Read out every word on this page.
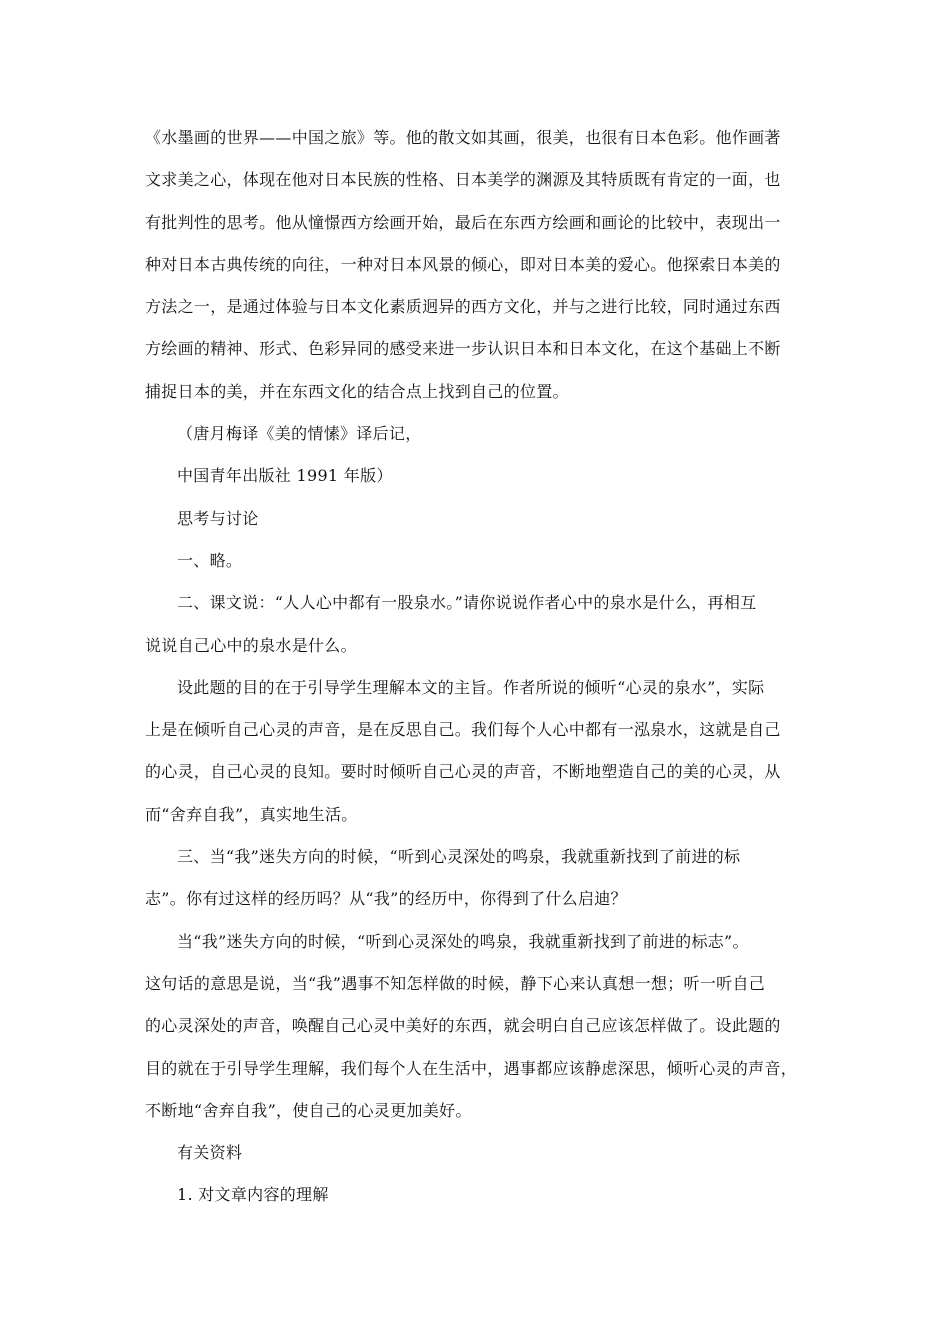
《水墨画的世界——中国之旅》等。他的散文如其画，很美，也很有日本色彩。他作画著
文求美之心，体现在他对日本民族的性格、日本美学的渊源及其特质既有肯定的一面，也
有批判性的思考。他从憧憬西方绘画开始，最后在东西方绘画和画论的比较中，表现出一
种对日本古典传统的向往，一种对日本风景的倾心，即对日本美的爱心。他探索日本美的
方法之一，是通过体验与日本文化素质迥异的西方文化，并与之进行比较，同时通过东西
方绘画的精神、形式、色彩异同的感受来进一步认识日本和日本文化，在这个基础上不断
捕捉日本的美，并在东西文化的结合点上找到自己的位置。
（唐月梅译《美的情愫》译后记，
中国青年出版社 1991 年版）
思考与讨论
一、略。
二、课文说：“人人心中都有一股泉水。”请你说说作者心中的泉水是什么，再相互
说说自己心中的泉水是什么。
设此题的目的在于引导学生理解本文的主旨。作者所说的倾听“心灵的泉水”，实际
上是在倾听自己心灵的声音，是在反思自己。我们每个人心中都有一泓泉水，这就是自己
的心灵，自己心灵的良知。要时时倾听自己心灵的声音，不断地塑造自己的美的心灵，从
而“舍弃自我”，真实地生活。
三、当“我”迷失方向的时候，“听到心灵深处的鸣泉，我就重新找到了前进的标
志”。你有过这样的经历吗？从“我”的经历中，你得到了什么启迪？
当“我”迷失方向的时候，“听到心灵深处的鸣泉，我就重新找到了前进的标志”。
这句话的意思是说，当“我”遇事不知怎样做的时候，静下心来认真想一想；听一听自己
的心灵深处的声音，唤醒自己心灵中美好的东西，就会明白自己应该怎样做了。设此题的
目的就在于引导学生理解，我们每个人在生活中，遇事都应该静虑深思，倾听心灵的声音，
不断地“舍弃自我”，使自己的心灵更加美好。
有关资料
1. 对文章内容的理解
